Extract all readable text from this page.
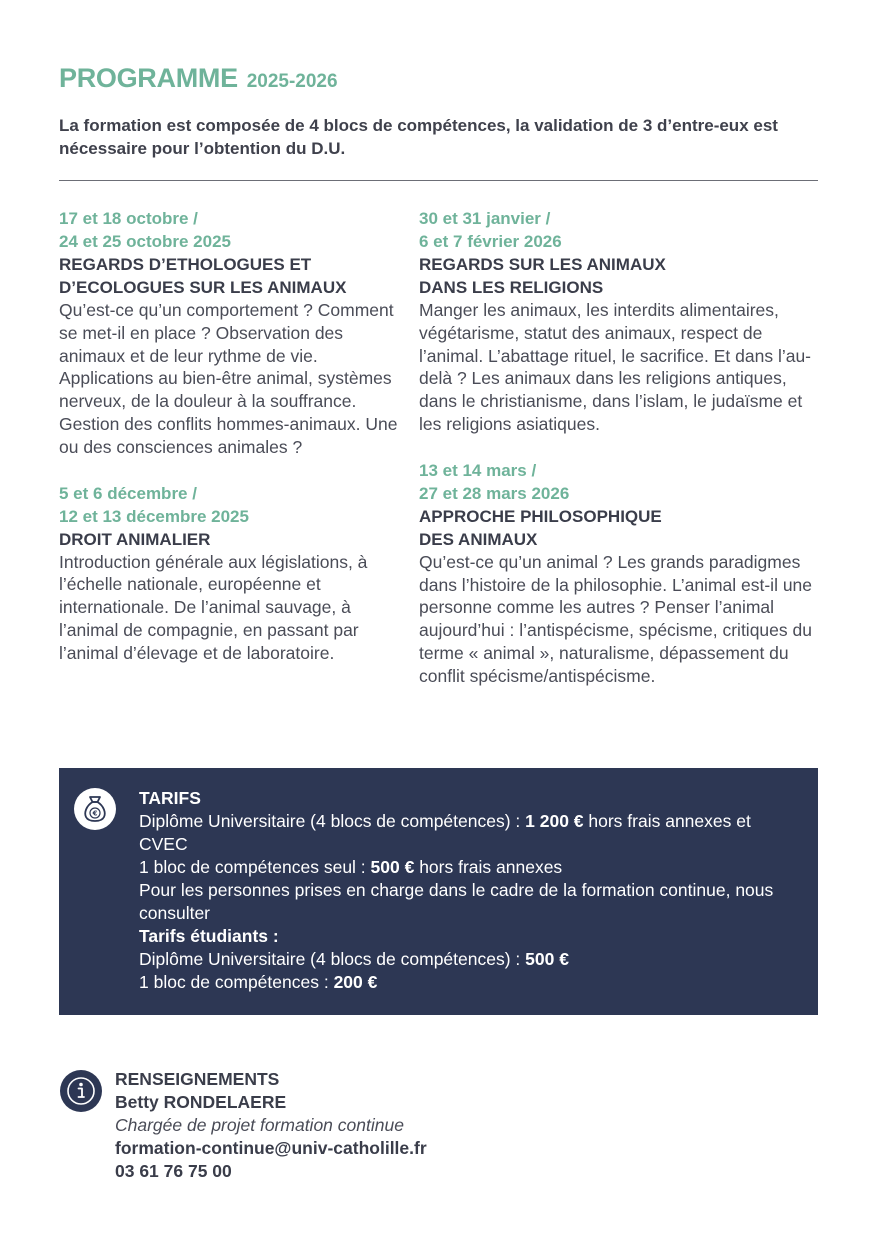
PROGRAMME 2025-2026

La formation est composée de 4 blocs de compétences, la validation de 3 d’entre-eux est nécessaire pour l’obtention du D.U.

17 et 18 octobre /
24 et 25 octobre 2025
REGARDS D’ETHOLOGUES ET
D’ECOLOGUES SUR LES ANIMAUX
Qu’est-ce qu’un comportement ? Comment se met-il en place ? Observation des animaux et de leur rythme de vie. Applications au bien-être animal, systèmes nerveux, de la douleur à la souffrance. Gestion des conflits hommes-animaux. Une ou des consciences animales ?
5 et 6 décembre /
12 et 13 décembre 2025
DROIT ANIMALIER
Introduction générale aux législations, à l’échelle nationale, européenne et internationale. De l’animal sauvage, à l’animal de compagnie, en passant par l’animal d’élevage et de laboratoire.
30 et 31 janvier /
6 et 7 février 2026
REGARDS SUR LES ANIMAUX
DANS LES RELIGIONS
Manger les animaux, les interdits alimentaires, végétarisme, statut des animaux, respect de l’animal. L’abattage rituel, le sacrifice. Et dans l’au-delà ? Les animaux dans les religions antiques, dans le christianisme, dans l’islam, le judaïsme et les religions asiatiques.
13 et 14 mars /
27 et 28 mars 2026
APPROCHE PHILOSOPHIQUE
DES ANIMAUX
Qu’est-ce qu’un animal ? Les grands paradigmes dans l’histoire de la philosophie. L’animal est-il une personne comme les autres ? Penser l’animal aujourd’hui : l’antispécisme, spécisme, critiques du terme « animal », naturalisme, dépassement du conflit spécisme/antispécisme.
€
TARIFS
Diplôme Universitaire (4 blocs de compétences) : 1 200 € hors frais annexes et CVEC
1 bloc de compétences seul : 500 € hors frais annexes
Pour les personnes prises en charge dans le cadre de la formation continue, nous consulter
Tarifs étudiants :
Diplôme Universitaire (4 blocs de compétences) : 500 €
1 bloc de compétences : 200 €
RENSEIGNEMENTS
Betty RONDELAERE
Chargée de projet formation continue
formation-continue@univ-catholille.fr
03 61 76 75 00
